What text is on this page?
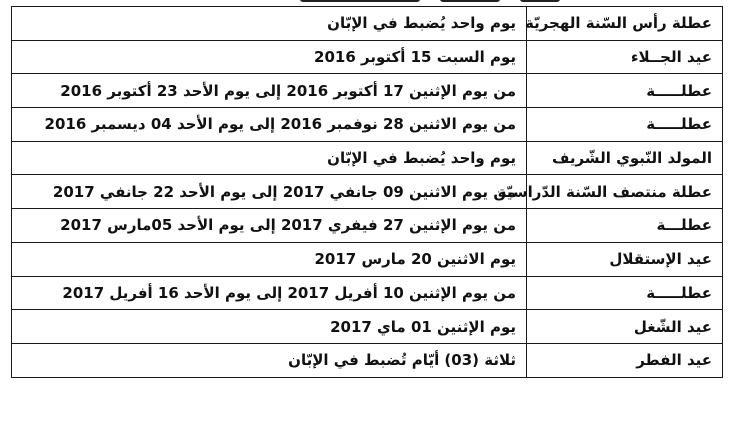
عطلة رأس السّنة الهجريّة	يوم واحد يُضبط في الإبّان
عيد الجــلاء	يوم السبت 15 أكتوبر 2016
عطلـــــة	من يوم الإثنين 17 أكتوبر 2016 إلى يوم الأحد 23 أكتوبر 2016
عطلـــــة	من يوم الاثنين 28 نوفمبر 2016 إلى يوم الأحد 04 ديسمبر 2016
المولد النّبوي الشّريف	يوم واحد يُضبط في الإبّان
عطلة منتصف السّنة الدّراسيّة	من يوم الاثنين 09 جانفي 2017 إلى يوم الأحد 22 جانفي 2017
عطلـــة	من يوم الإثنين 27 فيفري 2017 إلى يوم الأحد 05مارس 2017
عيد الإستقلال	يوم الاثنين 20 مارس 2017
عطلـــــة	من يوم الإثنين 10 أفريل 2017 إلى يوم الأحد 16 أفريل 2017
عيد الشّغل	يوم الإثنين 01 ماي 2017
عيد الفطر	ثلاثة (03) أيّام تُضبط في الإبّان
